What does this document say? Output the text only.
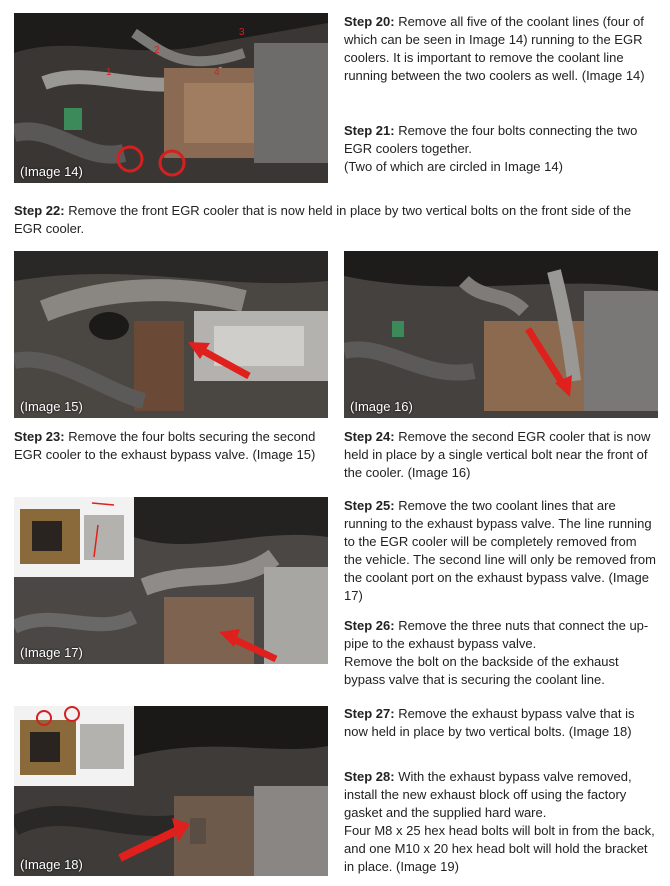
1
2
3
4
(Image 14)

Step 20: Remove all five of the coolant lines (four of which can be seen in Image 14) running to the EGR coolers. It is important to remove the coolant line running between the two coolers as well. (Image 14)

Step 21: Remove the four bolts connecting the two EGR coolers together.

(Two of which are circled in Image 14)

Step 22: Remove the front EGR cooler that is now held in place by two vertical bolts on the front side of the EGR cooler.

(Image 15)	(Image 16)

Step 23: Remove the four bolts securing the second EGR cooler to the exhaust bypass valve. (Image 15)

Step 24: Remove the second EGR cooler that is now held in place by a single vertical bolt near the front of the cooler. (Image 16)

(Image 17)

Step 25: Remove the two coolant lines that are running to the exhaust bypass valve. The line running to the EGR cooler will be completely removed from the vehicle. The second line will only be removed from the coolant port on the exhaust bypass valve. (Image 17)

Step 26: Remove the three nuts that connect the up-pipe to the exhaust bypass valve.

Remove the bolt on the backside of the exhaust bypass valve that is securing the coolant line.

(Image 18)

Step 27: Remove the exhaust bypass valve that is now held in place by two vertical bolts. (Image 18)

Step 28: With the exhaust bypass valve removed, install the new exhaust block off using the factory gasket and the supplied hard ware.

Four M8 x 25 hex head bolts will bolt in from the back, and one M10 x 20 hex head bolt will hold the bracket in place. (Image 19)
